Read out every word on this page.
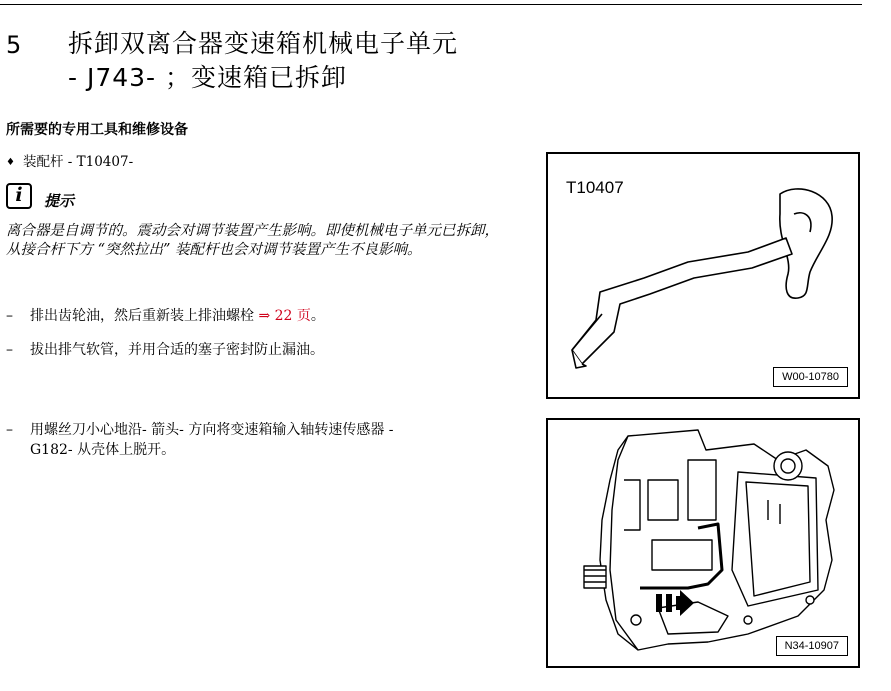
5 拆卸双离合器变速箱机械电子单元
- J743- ；变速箱已拆卸
所需要的专用工具和维修设备
♦ 装配杆 - T10407-
i	提示
离合器是自调节的。震动会对调节装置产生影响。即使机械电子单元已拆卸，从接合杆下方 “突然拉出” 装配杆也会对调节装置产生不良影响。
– 排出齿轮油，然后重新装上排油螺栓 ⇒ 22 页。
– 拔出排气软管，并用合适的塞子密封防止漏油。
– 用螺丝刀小心地沿- 箭头- 方向将变速箱输入轴转速传感器 -
G182- 从壳体上脱开。
T10407
W00-10780
N34-10907
